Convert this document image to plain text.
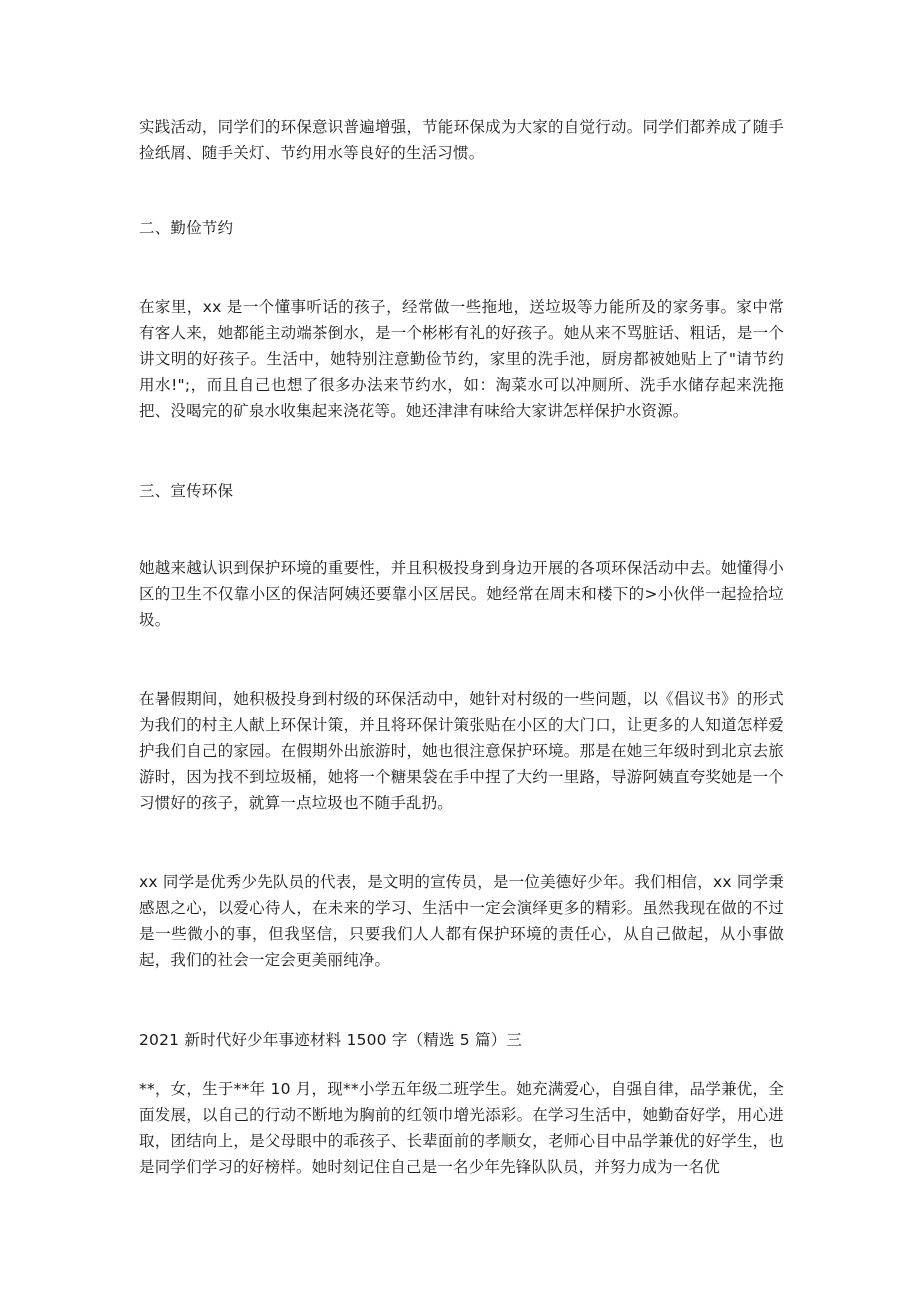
实践活动，同学们的环保意识普遍增强，节能环保成为大家的自觉行动。同学们都养成了随手捡纸屑、随手关灯、节约用水等良好的生活习惯。

二、勤俭节约

在家里，xx 是一个懂事听话的孩子，经常做一些拖地，送垃圾等力能所及的家务事。家中常有客人来，她都能主动端茶倒水，是一个彬彬有礼的好孩子。她从来不骂脏话、粗话，是一个讲文明的好孩子。生活中，她特别注意勤俭节约，家里的洗手池，厨房都被她贴上了"请节约用水!";，而且自己也想了很多办法来节约水，如：淘菜水可以冲厕所、洗手水储存起来洗拖把、没喝完的矿泉水收集起来浇花等。她还津津有味给大家讲怎样保护水资源。

三、宣传环保

她越来越认识到保护环境的重要性，并且积极投身到身边开展的各项环保活动中去。她懂得小区的卫生不仅靠小区的保洁阿姨还要靠小区居民。她经常在周末和楼下的>小伙伴一起捡拾垃圾。

在暑假期间，她积极投身到村级的环保活动中，她针对村级的一些问题，以《倡议书》的形式为我们的村主人献上环保计策，并且将环保计策张贴在小区的大门口，让更多的人知道怎样爱护我们自己的家园。在假期外出旅游时，她也很注意保护环境。那是在她三年级时到北京去旅游时，因为找不到垃圾桶，她将一个糖果袋在手中捏了大约一里路，导游阿姨直夸奖她是一个习惯好的孩子，就算一点垃圾也不随手乱扔。

xx 同学是优秀少先队员的代表，是文明的宣传员，是一位美德好少年。我们相信，xx 同学秉感恩之心，以爱心待人，在未来的学习、生活中一定会演绎更多的精彩。虽然我现在做的不过是一些微小的事，但我坚信，只要我们人人都有保护环境的责任心，从自己做起，从小事做起，我们的社会一定会更美丽纯净。

2021 新时代好少年事迹材料 1500 字（精选 5 篇）三

**，女，生于**年 10 月，现**小学五年级二班学生。她充满爱心，自强自律，品学兼优，全面发展，以自己的行动不断地为胸前的红领巾增光添彩。在学习生活中，她勤奋好学，用心进取，团结向上，是父母眼中的乖孩子、长辈面前的孝顺女，老师心目中品学兼优的好学生，也是同学们学习的好榜样。她时刻记住自己是一名少年先锋队队员，并努力成为一名优
